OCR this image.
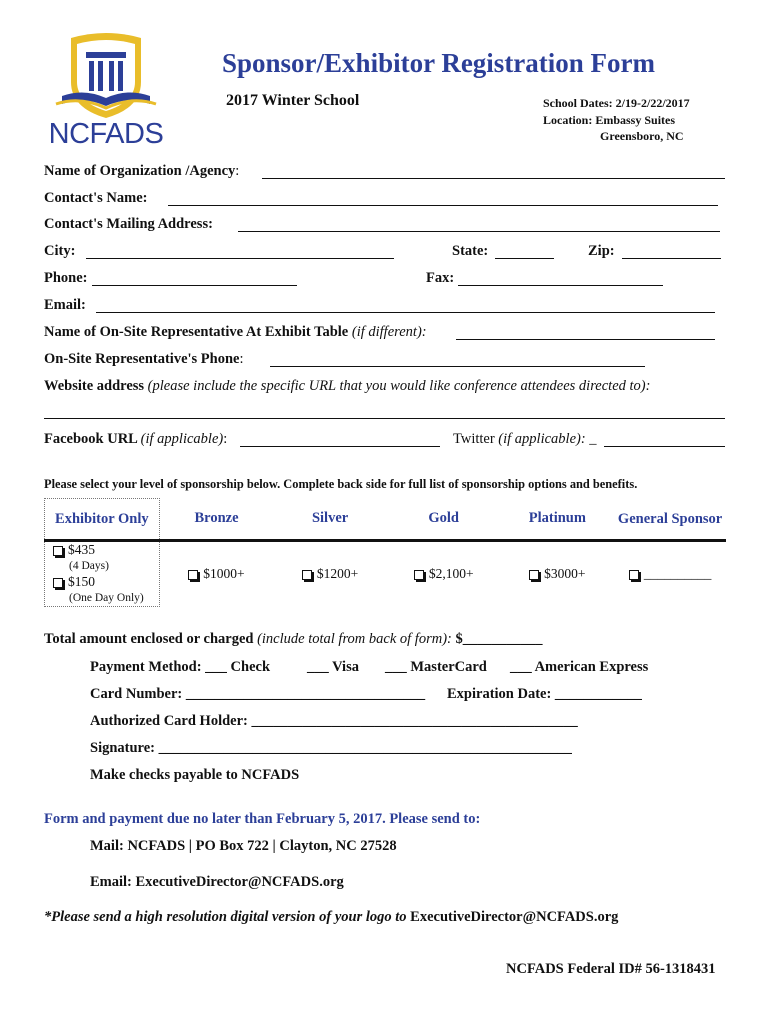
NCFADS
Sponsor/Exhibitor Registration Form
2017 Winter School	School Dates: 2/19-2/22/2017
Location: Embassy Suites
Greensboro, NC
Name of Organization /Agency:
Contact's Name:
Contact's Mailing Address:
City:	State:	Zip:
Phone:	Fax:
Email:
Name of On-Site Representative At Exhibit Table (if different):
On-Site Representative's Phone:
Website address (please include the specific URL that you would like conference attendees directed to):
Facebook URL (if applicable):	Twitter (if applicable): _
Please select your level of sponsorship below. Complete back side for full list of sponsorship options and benefits.
Exhibitor Only	Bronze	Silver	Gold	Platinum	General Sponsor

$435
(4 Days)
$150
(One Day Only)	$1000+	$1200+	$2,100+	$3000+	__________
Total amount enclosed or charged (include total from back of form): $___________
Payment Method: ___ Check	___ Visa ___ MasterCard ___ American Express
Card Number: _________________________________ Expiration Date: ____________
Authorized Card Holder: _____________________________________________
Signature: _________________________________________________________
Make checks payable to NCFADS
Form and payment due no later than February 5, 2017. Please send to:
Mail: NCFADS | PO Box 722 | Clayton, NC 27528
Email: ExecutiveDirector@NCFADS.org
*Please send a high resolution digital version of your logo to ExecutiveDirector@NCFADS.org
NCFADS Federal ID# 56-1318431
